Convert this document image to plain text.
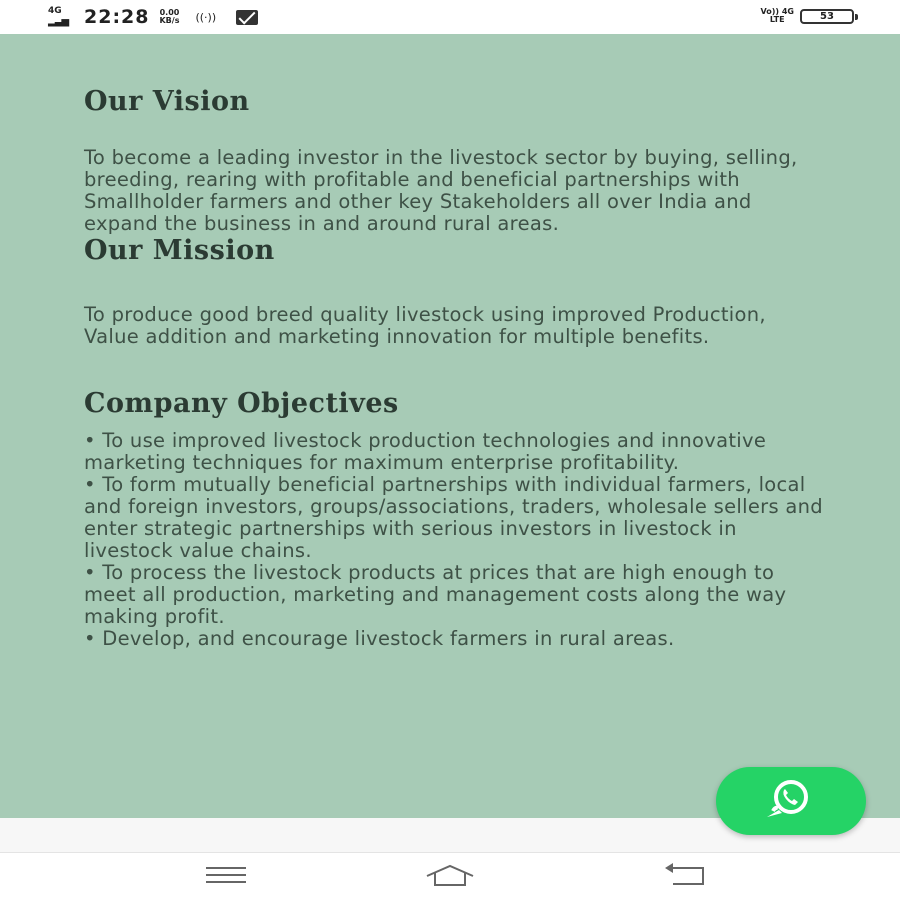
4G
▂▃▅ 22:28 0.00
KB/s ((·))	Vo)) 4G
LTE	53
Our Vision

To become a leading investor in the livestock sector by buying, selling, breeding, rearing with profitable and beneficial partnerships with Smallholder farmers and other key Stakeholders all over India and expand the business in and around rural areas.

Our Mission

To produce good breed quality livestock using improved Production, Value addition and marketing innovation for multiple benefits.

Company Objectives

• To use improved livestock production technologies and innovative marketing techniques for maximum enterprise profitability.

• To form mutually beneficial partnerships with individual farmers, local and foreign investors, groups/associations, traders, wholesale sellers and enter strategic partnerships with serious investors in livestock in livestock value chains.

• To process the livestock products at prices that are high enough to meet all production, marketing and management costs along the way making profit.

• Develop, and encourage livestock farmers in rural areas.
